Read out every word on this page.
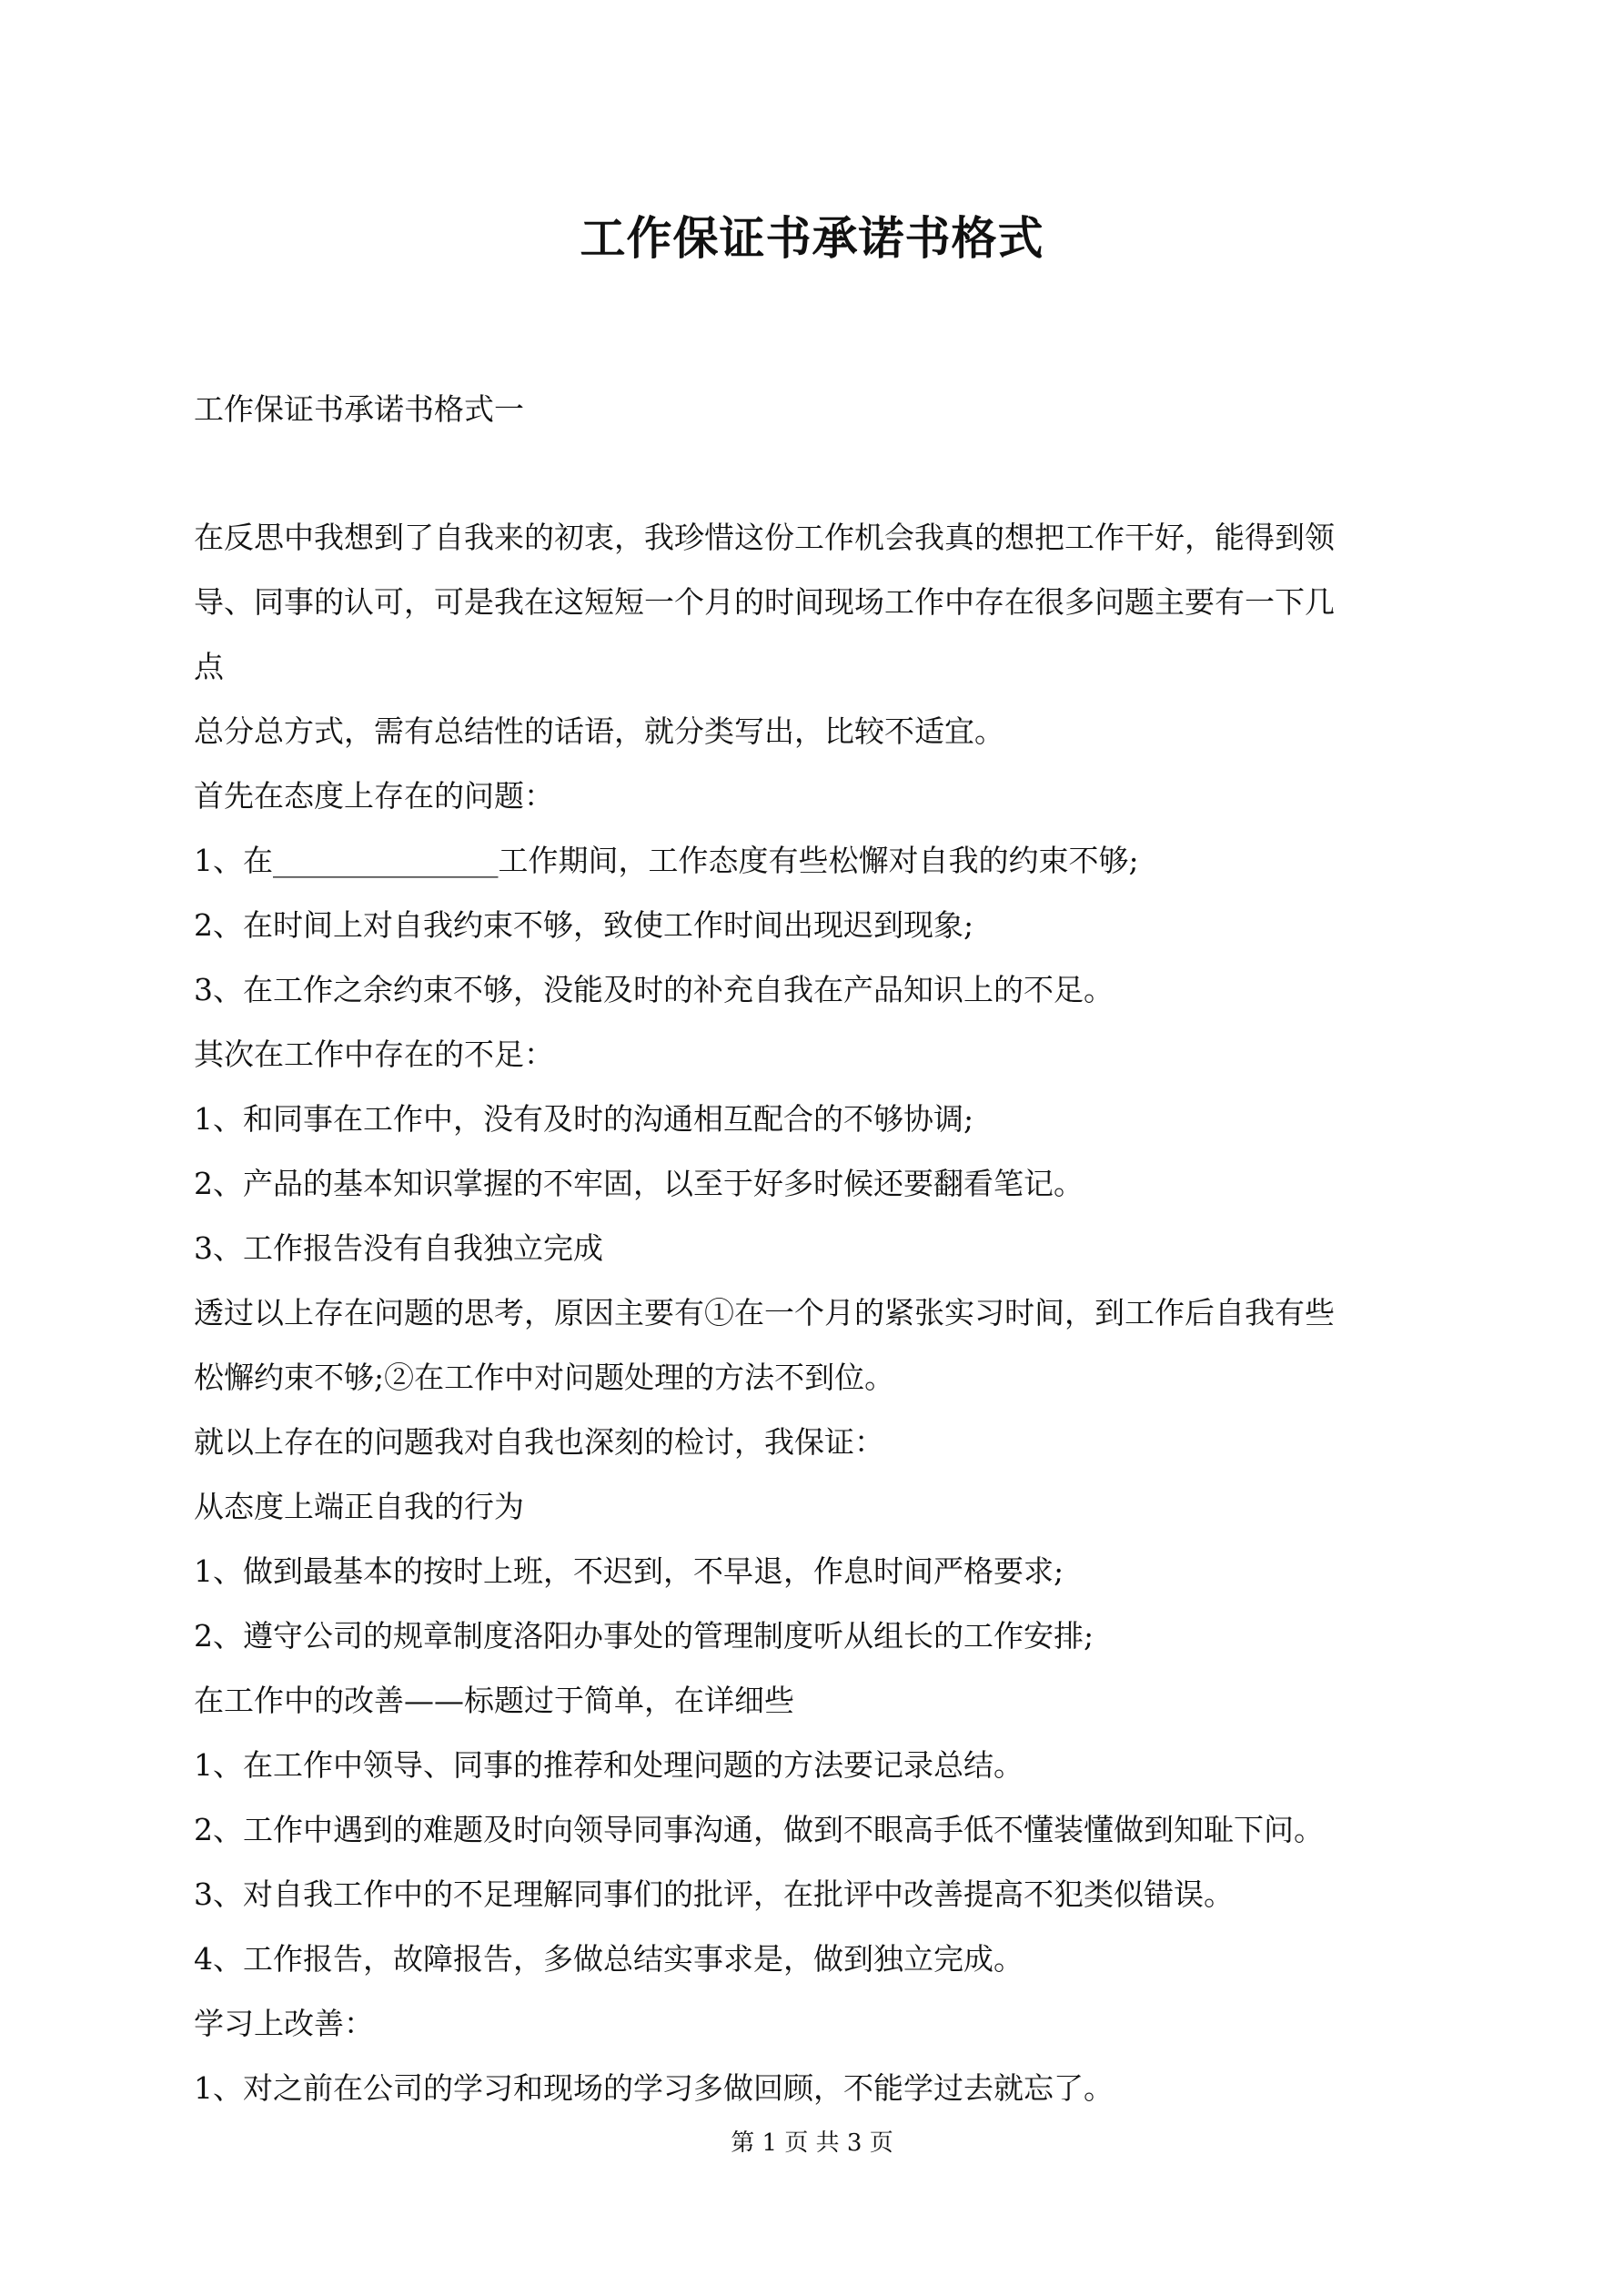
工作保证书承诺书格式
工作保证书承诺书格式一
在反思中我想到了自我来的初衷，我珍惜这份工作机会我真的想把工作干好，能得到领
导、同事的认可，可是我在这短短一个月的时间现场工作中存在很多问题主要有一下几
点
总分总方式，需有总结性的话语，就分类写出，比较不适宜。
首先在态度上存在的问题：
1、在_______________工作期间，工作态度有些松懈对自我的约束不够;
2、在时间上对自我约束不够，致使工作时间出现迟到现象;
3、在工作之余约束不够，没能及时的补充自我在产品知识上的不足。
其次在工作中存在的不足：
1、和同事在工作中，没有及时的沟通相互配合的不够协调;
2、产品的基本知识掌握的不牢固，以至于好多时候还要翻看笔记。
3、工作报告没有自我独立完成
透过以上存在问题的思考，原因主要有①在一个月的紧张实习时间，到工作后自我有些
松懈约束不够;②在工作中对问题处理的方法不到位。
就以上存在的问题我对自我也深刻的检讨，我保证：
从态度上端正自我的行为
1、做到最基本的按时上班，不迟到，不早退，作息时间严格要求;
2、遵守公司的规章制度洛阳办事处的管理制度听从组长的工作安排;
在工作中的改善——标题过于简单，在详细些
1、在工作中领导、同事的推荐和处理问题的方法要记录总结。
2、工作中遇到的难题及时向领导同事沟通，做到不眼高手低不懂装懂做到知耻下问。
3、对自我工作中的不足理解同事们的批评，在批评中改善提高不犯类似错误。
4、工作报告，故障报告，多做总结实事求是，做到独立完成。
学习上改善：
1、对之前在公司的学习和现场的学习多做回顾，不能学过去就忘了。
第 1 页 共 3 页
